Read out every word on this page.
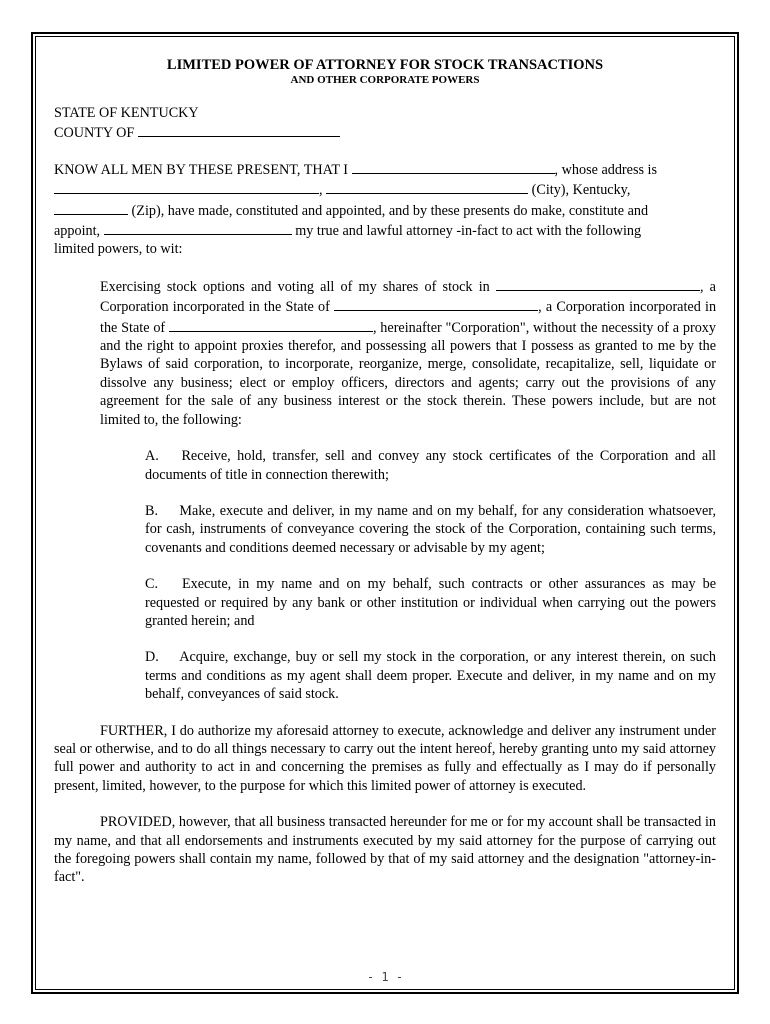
LIMITED POWER OF ATTORNEY FOR STOCK TRANSACTIONS
AND OTHER CORPORATE POWERS

STATE OF KENTUCKY

COUNTY OF

KNOW ALL MEN BY THESE PRESENT, THAT I	, whose address is
,	(City), Kentucky,
(Zip), have made, constituted and appointed, and by these presents do make, constitute and
appoint,	my true and lawful attorney -in-fact to act with the following
limited powers, to wit:
Exercising stock options and voting all of my shares of stock in	, a Corporation incorporated in the State of	, a Corporation incorporated in the State of	, hereinafter "Corporation", without the necessity of a proxy and the right to appoint proxies therefor, and possessing all powers that I possess as granted to me by the Bylaws of said corporation, to incorporate, reorganize, merge, consolidate, recapitalize, sell, liquidate or dissolve any business; elect or employ officers, directors and agents; carry out the provisions of any agreement for the sale of any business interest or the stock therein. These powers include, but are not limited to, the following:
A. Receive, hold, transfer, sell and convey any stock certificates of the Corporation and all documents of title in connection therewith;
B. Make, execute and deliver, in my name and on my behalf, for any consideration whatsoever, for cash, instruments of conveyance covering the stock of the Corporation, containing such terms, covenants and conditions deemed necessary or advisable by my agent;
C. Execute, in my name and on my behalf, such contracts or other assurances as may be requested or required by any bank or other institution or individual when carrying out the powers granted herein; and
D. Acquire, exchange, buy or sell my stock in the corporation, or any interest therein, on such terms and conditions as my agent shall deem proper. Execute and deliver, in my name and on my behalf, conveyances of said stock.

FURTHER, I do authorize my aforesaid attorney to execute, acknowledge and deliver any instrument under seal or otherwise, and to do all things necessary to carry out the intent hereof, hereby granting unto my said attorney full power and authority to act in and concerning the premises as fully and effectually as I may do if personally present, limited, however, to the purpose for which this limited power of attorney is executed.

PROVIDED, however, that all business transacted hereunder for me or for my account shall be transacted in my name, and that all endorsements and instruments executed by my said attorney for the purpose of carrying out the foregoing powers shall contain my name, followed by that of my said attorney and the designation "attorney-in-fact".

- 1 -
